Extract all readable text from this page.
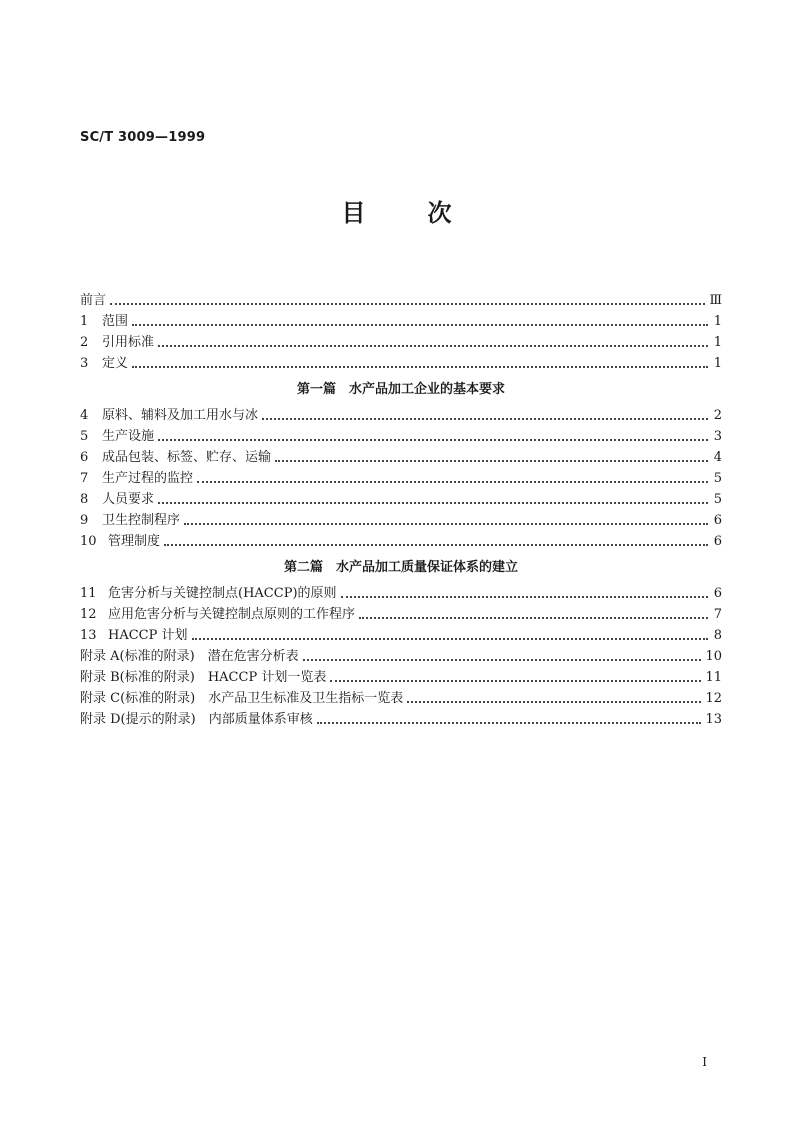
SC/T 3009—1999
目次
前言	Ⅲ
1	范围	1
2	引用标准	1
3	定义	1
第一篇　水产品加工企业的基本要求
4	原料、辅料及加工用水与冰	2
5	生产设施	3
6	成品包装、标签、贮存、运输	4
7	生产过程的监控	5
8	人员要求	5
9	卫生控制程序	6
10 管理制度	6
第二篇　水产品加工质量保证体系的建立
11 危害分析与关键控制点(HACCP)的原则	6
12 应用危害分析与关键控制点原则的工作程序	7
13 HACCP 计划	8
附录 A(标准的附录)　潜在危害分析表	10
附录 B(标准的附录)　HACCP 计划一览表	11
附录 C(标准的附录)　水产品卫生标准及卫生指标一览表	12
附录 D(提示的附录)　内部质量体系审核	13
I
